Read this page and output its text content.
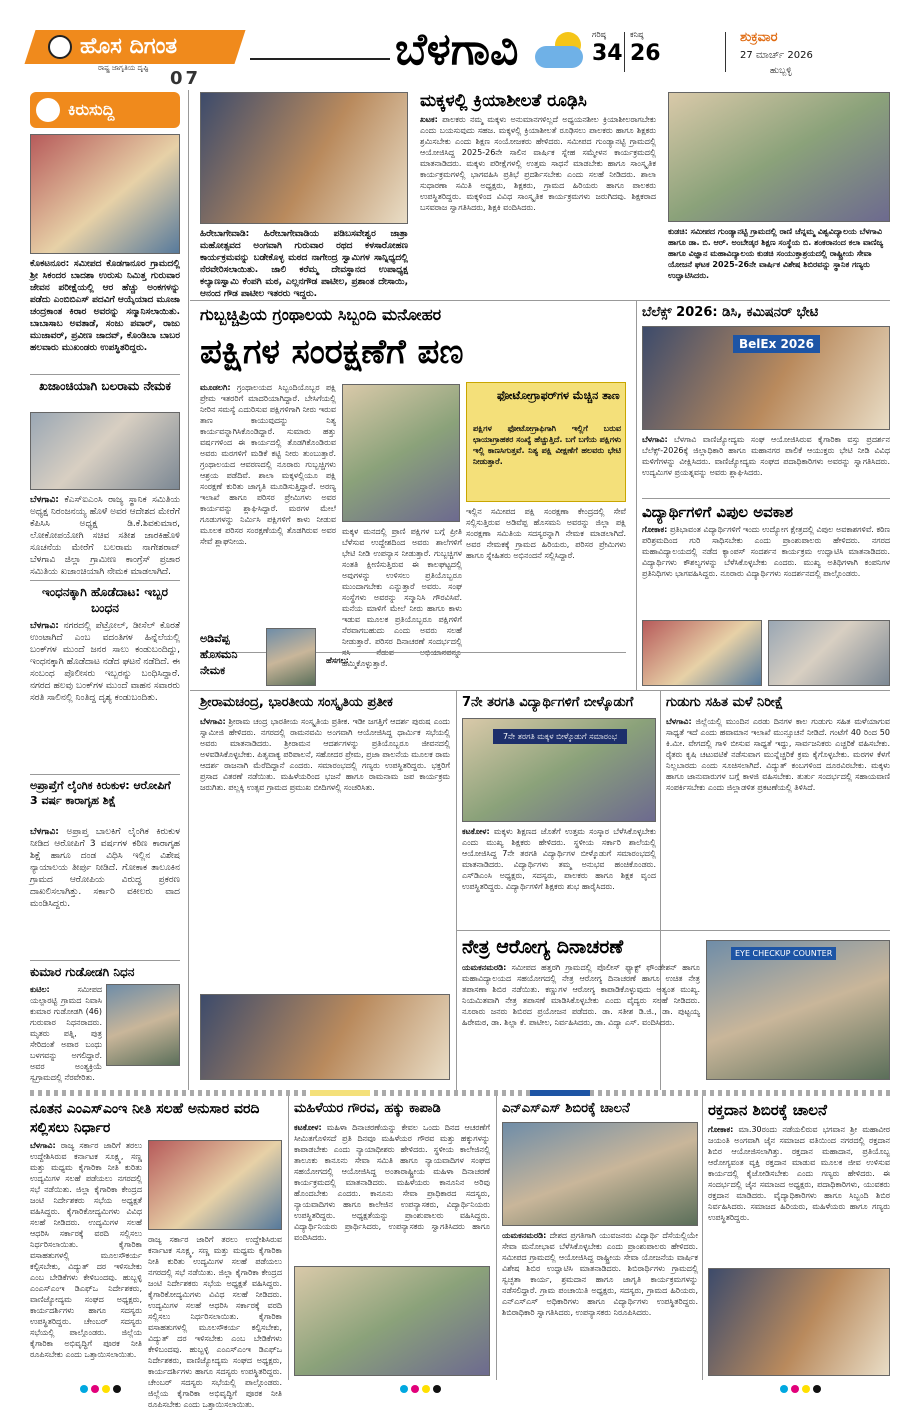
ಹೊಸ ದಿಗಂತ
ರಾಷ್ಟ್ರ ಜಾಗೃತಿಯ ದೃಷ್ಟಿ 07
ಬೆಳಗಾವಿ	ಗರಿಷ್ಠ
34
ಕನಿಷ್ಠ
26
ಶುಕ್ರವಾರ
27 ಮಾರ್ಚ್ 2026
ಹುಬ್ಬಳ್ಳಿ
ಕಿರುಸುದ್ದಿ
ಕೊಕಟನೂರ: ಸಮೀಪದ ಕೊಡಗಾನೂರ ಗ್ರಾಮದಲ್ಲಿ ಶ್ರೀ ಸಿಕಂದರ ಬಾದಶಾ ಉರುಸು ನಿಮಿತ್ತ ಗುರುವಾರ ಜೇವನ ಪರೀಕ್ಷೆಯಲ್ಲಿ ಆರ ಹೆಚ್ಚು ಅಂಕಗಳನ್ನು ಪಡೆದು ಎಂಬಿಬಿಎಸ್ ಪದವಿಗೆ ಆಯ್ಕೆಯಾದ ಮೂಜಾ ಚಂದ್ರಕಾಂತ ಕಿರಾರ ಅವರನ್ನು ಸನ್ಮಾನಿಸಲಾಯಿತು. ಬಾಬಾಸಾಬ ಅವತಾಡೆ, ಸಂಜು ಪವಾರ್, ರಾಜು ಮುಜಾವರ್, ಪ್ರವೀಣ ಜಾದವ್, ಕೊಂಡಿಬಾ ಬಾಬರ ಹಲವಾರು ಮುಖಂಡರು ಉಪಸ್ಥಿತರಿದ್ದರು.
ಖಜಾಂಚಿಯಾಗಿ ಬಲರಾಮ ನೇಮಕ
ಬೆಳಗಾವಿ: ಕೆಎಸ್‌ಐಎಂಸಿ ರಾಜ್ಯ ಸ್ಥಾನಿಕ ಸಮಿತಿಯ ಅಧ್ಯಕ್ಷ ನಿರಂಜನಯ್ಯ ಹೊಳೆ ಅವರ ಆದೇಶದ ಮೇರೆಗೆ ಕೆಪಿಸಿಸಿ ಅಧ್ಯಕ್ಷ ಡಿ.ಕೆ.ಶಿವಕುಮಾರ, ಲೋಕೋಪಯೋಗಿ ಸಚಿವ ಸತೀಶ ಜಾರಕಿಹೊಳಿ ಸೂಚನೆಯ ಮೇರೆಗೆ ಬಲರಾಮ ನಾಗೇಶರಾವ್ ಬೆಳಗಾವಿ ಜಿಲ್ಲಾ ಗ್ರಾಮೀಣ ಕಾಂಗ್ರೆಸ್ ಪ್ರಚಾರ ಸಮಿತಿಯ ಖಜಾಂಚಿಯಾಗಿ ನೇಮಕ ಮಾಡಲಾಗಿದೆ.
ಇಂಧನಕ್ಕಾಗಿ ಹೊಡೆದಾಟ: ಇಬ್ಬರ ಬಂಧನ
ಬೆಳಗಾವಿ: ನಗರದಲ್ಲಿ ಪೆಟ್ರೋಲ್, ಡೀಸೆಲ್ ಕೊರತೆ ಉಂಟಾಗಿದೆ ಎಂಬ ವದಂತಿಗಳ ಹಿನ್ನೆಲೆಯಲ್ಲಿ ಬಂಕ್‌ಗಳ ಮುಂದೆ ಜನರ ಸಾಲು ಕಂಡುಬಂದಿದ್ದು, ಇಂಧನಕ್ಕಾಗಿ ಹೊಡೆದಾಟ ನಡೆದ ಘಟನೆ ನಡೆದಿದೆ. ಈ ಸಂಬಂಧ ಪೊಲೀಸರು ಇಬ್ಬರನ್ನು ಬಂಧಿಸಿದ್ದಾರೆ. ನಗರದ ಹಲವು ಬಂಕ್‌ಗಳ ಮುಂದೆ ವಾಹನ ಸವಾರರು ಸರತಿ ಸಾಲಿನಲ್ಲಿ ನಿಂತಿದ್ದ ದೃಶ್ಯ ಕಂಡುಬಂದಿತು.
ಅಪ್ರಾಪ್ತೆಗೆ ಲೈಂಗಿಕ ಕಿರುಕುಳ: ಆರೋಪಿಗೆ 3 ವರ್ಷ ಕಾರಾಗೃಹ ಶಿಕ್ಷೆ
ಬೆಳಗಾವಿ: ಅಪ್ರಾಪ್ತ ಬಾಲಕಿಗೆ ಲೈಂಗಿಕ ಕಿರುಕುಳ ನೀಡಿದ ಆರೋಪಿಗೆ 3 ವರ್ಷಗಳ ಕಠಿಣ ಕಾರಾಗೃಹ ಶಿಕ್ಷೆ ಹಾಗೂ ದಂಡ ವಿಧಿಸಿ ಇಲ್ಲಿನ ವಿಶೇಷ ನ್ಯಾಯಾಲಯ ತೀರ್ಪು ನೀಡಿದೆ. ಗೋಕಾಕ ತಾಲೂಕಿನ ಗ್ರಾಮದ ಆರೋಪಿಯ ವಿರುದ್ಧ ಪ್ರಕರಣ ದಾಖಲಿಸಲಾಗಿತ್ತು. ಸರ್ಕಾರಿ ವಕೀಲರು ವಾದ ಮಂಡಿಸಿದ್ದರು.
ಕುಮಾರ ಗುಡೋಡಗಿ ನಿಧನ
ಕುಟಿಲ:	ಸಮೀಪದ ಯಲ್ಪಾರಟ್ಟಿ ಗ್ರಾಮದ ನಿವಾಸಿ ಕುಮಾರ ಗುಡೋಡಗಿ (46) ಗುರುವಾರ ನಿಧನರಾದರು. ಮೃತರು ಪತ್ನಿ, ಪುತ್ರ ಸೇರಿದಂತೆ ಅಪಾರ ಬಂಧು ಬಳಗವನ್ನು ಅಗಲಿದ್ದಾರೆ. ಅವರ ಅಂತ್ಯಕ್ರಿಯೆ ಸ್ವಗ್ರಾಮದಲ್ಲಿ ನೆರವೇರಿತು.
ಹಿರೇಬಾಗೇವಾಡಿ: ಹಿರೇಬಾಗೇವಾಡಿಯ ಪಡಿಬಸವೇಶ್ವರ ಜಾತ್ರಾ ಮಹೋತ್ಸವದ ಅಂಗವಾಗಿ ಗುರುವಾರ ರಥದ ಕಳಸಾರೋಹಣ ಕಾರ್ಯಕ್ರಮವನ್ನು ಬಡೇಕೊಳ್ಳ ಮಠದ ನಾಗೇಂದ್ರ ಸ್ವಾಮಿಗಳ ಸಾನ್ನಿಧ್ಯದಲ್ಲಿ ನೆರವೇರಿಸಲಾಯಿತು. ಜಾಲಿ ಕರೆಮ್ಮ ದೇವಸ್ಥಾನದ ಉಪಾಧ್ಯಕ್ಷ ಕಲ್ಯಾಣಸ್ವಾಮಿ ಕೆಂಪಗಿ ಮಠ, ಎಲ್ಲನಗೌಡ ಪಾಟೀಲ, ಪ್ರಶಾಂತ ದೇಸಾಯಿ, ಆನಂದ ಗೌಡ ಪಾಟೀಲ ಇತರರು ಇದ್ದರು.
ಮಕ್ಕಳಲ್ಲಿ ಕ್ರಿಯಾಶೀಲತೆ ರೂಢಿಸಿ
ಖಟಕ: ಪಾಲಕರು ನಮ್ಮ ಮಕ್ಕಳು ಅನುಮಾನಗಳಿಲ್ಲದೆ ಅಧ್ಯಯನಶೀಲ ಕ್ರಿಯಾಶೀಲರಾಗಬೇಕು ಎಂದು ಬಯಸುವುದು ಸಹಜ. ಮಕ್ಕಳಲ್ಲಿ ಕ್ರಿಯಾಶೀಲತೆ ರೂಢಿಸಲು ಪಾಲಕರು ಹಾಗೂ ಶಿಕ್ಷಕರು ಶ್ರಮಿಸಬೇಕು ಎಂದು ಶಿಕ್ಷಣ ಸಂಯೋಜಕರು ಹೇಳಿದರು. ಸಮೀಪದ ಗುಂಡ್ಯಾನಟ್ಟಿ ಗ್ರಾಮದಲ್ಲಿ ಆಯೋಜಿಸಿದ್ದ 2025-26ನೇ ಸಾಲಿನ ವಾರ್ಷಿಕ ಸ್ನೇಹ ಸಮ್ಮೇಳನ ಕಾರ್ಯಕ್ರಮದಲ್ಲಿ ಮಾತನಾಡಿದರು. ಮಕ್ಕಳು ಪರೀಕ್ಷೆಗಳಲ್ಲಿ ಉತ್ತಮ ಸಾಧನೆ ಮಾಡಬೇಕು ಹಾಗೂ ಸಾಂಸ್ಕೃತಿಕ ಕಾರ್ಯಕ್ರಮಗಳಲ್ಲಿ ಭಾಗವಹಿಸಿ ಪ್ರತಿಭೆ ಪ್ರದರ್ಶಿಸಬೇಕು ಎಂದು ಸಲಹೆ ನೀಡಿದರು. ಶಾಲಾ ಸುಧಾರಣಾ ಸಮಿತಿ ಅಧ್ಯಕ್ಷರು, ಶಿಕ್ಷಕರು, ಗ್ರಾಮದ ಹಿರಿಯರು ಹಾಗೂ ಪಾಲಕರು ಉಪಸ್ಥಿತರಿದ್ದರು. ಮಕ್ಕಳಿಂದ ವಿವಿಧ ಸಾಂಸ್ಕೃತಿಕ ಕಾರ್ಯಕ್ರಮಗಳು ಜರುಗಿದವು. ಶಿಕ್ಷಕರಾದ ಬಸವರಾಜ ಸ್ವಾಗತಿಸಿದರು, ಶಿಕ್ಷಕಿ ವಂದಿಸಿದರು.
ಕುಡಚಿ: ಸಮೀಪದ ಗುಂಡ್ಯಾನಟ್ಟಿ ಗ್ರಾಮದಲ್ಲಿ ರಾಣಿ ಚೆನ್ನಮ್ಮ ವಿಶ್ವವಿದ್ಯಾಲಯ ಬೆಳಗಾವಿ ಹಾಗೂ ಡಾ. ಬಿ. ಆರ್. ಅಂಬೇಡ್ಕರ ಶಿಕ್ಷಣ ಸಂಸ್ಥೆಯ ಬಿ. ಶಂಕರಾನಂದ ಕಲಾ ವಾಣಿಜ್ಯ ಹಾಗೂ ವಿಜ್ಞಾನ ಮಹಾವಿದ್ಯಾಲಯ ಕುಡಚಿ ಸಂಯುಕ್ತಾಶ್ರಯದಲ್ಲಿ ರಾಷ್ಟ್ರೀಯ ಸೇವಾ ಯೋಜನೆ ಘಟಕ 2025-26ನೇ ವಾರ್ಷಿಕ ವಿಶೇಷ ಶಿಬಿರವನ್ನು ಸ್ಥಾನಿಕ ಗಣ್ಯರು ಉದ್ಘಾಟಿಸಿದರು.
ಗುಬ್ಬಚ್ಚಿಪ್ರಿಯ ಗ್ರಂಥಾಲಯ ಸಿಬ್ಬಂದಿ ಮನೋಹರ
ಪಕ್ಷಿಗಳ ಸಂರಕ್ಷಣೆಗೆ ಪಣ
ಮೂಡಲಗಿ: ಗ್ರಂಥಾಲಯದ ಸಿಬ್ಬಂದಿಯೊಬ್ಬರ ಪಕ್ಷಿ ಪ್ರೇಮ ಇತರರಿಗೆ ಮಾದರಿಯಾಗಿದ್ದಾರೆ. ಬೇಸಿಗೆಯಲ್ಲಿ ನೀರಿನ ಸಮಸ್ಯೆ ಎದುರಿಸುವ ಪಕ್ಷಿಗಳಿಗಾಗಿ ನೀರು ಇರುವ ತಾಣ ಕಾಯುವುದನ್ನು ನಿತ್ಯ ಕಾರ್ಯವನ್ನಾಗಿಸಿಕೊಂಡಿದ್ದಾರೆ. ಸುಮಾರು ಹತ್ತು ವರ್ಷಗಳಿಂದ ಈ ಕಾರ್ಯದಲ್ಲಿ ತೊಡಗಿಕೊಂಡಿರುವ ಅವರು ಮರಗಳಿಗೆ ಮಡಿಕೆ ಕಟ್ಟಿ ನೀರು ತುಂಬುತ್ತಾರೆ. ಗ್ರಂಥಾಲಯದ ಆವರಣದಲ್ಲಿ ನೂರಾರು ಗುಬ್ಬಚ್ಚಿಗಳು ಆಶ್ರಯ ಪಡೆದಿವೆ. ಶಾಲಾ ಮಕ್ಕಳಲ್ಲಿಯೂ ಪಕ್ಷಿ ಸಂರಕ್ಷಣೆ ಕುರಿತು ಜಾಗೃತಿ ಮೂಡಿಸುತ್ತಿದ್ದಾರೆ. ಅರಣ್ಯ ಇಲಾಖೆ ಹಾಗೂ ಪರಿಸರ ಪ್ರೇಮಿಗಳು ಅವರ ಕಾರ್ಯವನ್ನು ಶ್ಲಾಘಿಸಿದ್ದಾರೆ. ಮರಗಳ ಮೇಲೆ ಗೂಡುಗಳನ್ನು ನಿರ್ಮಿಸಿ ಪಕ್ಷಿಗಳಿಗೆ ಕಾಳು ನೀಡುವ ಮೂಲಕ ಪರಿಸರ ಸಂರಕ್ಷಣೆಯಲ್ಲಿ ತೊಡಗಿರುವ ಅವರ ಸೇವೆ ಶ್ಲಾಘನೀಯ.
ಮಕ್ಕಳ ಮನದಲ್ಲಿ ಪ್ರಾಣಿ ಪಕ್ಷಿಗಳ ಬಗ್ಗೆ ಪ್ರೀತಿ ಬೆಳೆಸುವ ಉದ್ದೇಶದಿಂದ ಅವರು ಶಾಲೆಗಳಿಗೆ ಭೇಟಿ ನೀಡಿ ಉಪನ್ಯಾಸ ನೀಡುತ್ತಾರೆ. ಗುಬ್ಬಚ್ಚಿಗಳ ಸಂತತಿ ಕ್ಷೀಣಿಸುತ್ತಿರುವ ಈ ಕಾಲಘಟ್ಟದಲ್ಲಿ ಅವುಗಳನ್ನು ಉಳಿಸಲು ಪ್ರತಿಯೊಬ್ಬರೂ ಮುಂದಾಗಬೇಕು ಎನ್ನುತ್ತಾರೆ ಅವರು. ಸಂಘ ಸಂಸ್ಥೆಗಳು ಅವರನ್ನು ಸನ್ಮಾನಿಸಿ ಗೌರವಿಸಿವೆ. ಮನೆಯ ಮಾಳಿಗೆ ಮೇಲೆ ನೀರು ಹಾಗೂ ಕಾಳು ಇಡುವ ಮೂಲಕ ಪ್ರತಿಯೊಬ್ಬರೂ ಪಕ್ಷಿಗಳಿಗೆ ನೆರವಾಗಬಹುದು ಎಂದು ಅವರು ಸಲಹೆ ನೀಡುತ್ತಾರೆ. ಪರಿಸರ ದಿನಾಚರಣೆ ಸಂದರ್ಭದಲ್ಲಿ ಹಮ್ಮಿಕೊಳ್ಳುತ್ತಾರೆ.
ಫೋಟೋಗ್ರಾಫರ್‌ಗಳ ಮೆಚ್ಚಿನ ತಾಣ
ಪಕ್ಷಿಗಳ ಫೋಟೋಗ್ರಾಫಿಗಾಗಿ ಇಲ್ಲಿಗೆ ಬರುವ ಛಾಯಾಗ್ರಾಹಕರ ಸಂಖ್ಯೆ ಹೆಚ್ಚುತ್ತಿದೆ. ಬಗೆ ಬಗೆಯ ಪಕ್ಷಿಗಳು ಇಲ್ಲಿ ಕಾಣಸಿಗುತ್ತವೆ. ನಿತ್ಯ ಪಕ್ಷಿ ವೀಕ್ಷಣೆಗೆ ಹಲವರು ಭೇಟಿ ನೀಡುತ್ತಾರೆ.
ಇಲ್ಲಿನ ಸಮೀಪದ ಪಕ್ಷಿ ಸಂರಕ್ಷಣಾ ಕೇಂದ್ರದಲ್ಲಿ ಸೇವೆ ಸಲ್ಲಿಸುತ್ತಿರುವ ಅಡಿವೆಪ್ಪ ಹೊಸಮನಿ ಅವರನ್ನು ಜಿಲ್ಲಾ ಪಕ್ಷಿ ಸಂರಕ್ಷಣಾ ಸಮಿತಿಯ ಸದಸ್ಯರನ್ನಾಗಿ ನೇಮಕ ಮಾಡಲಾಗಿದೆ. ಅವರ ನೇಮಕಕ್ಕೆ ಗ್ರಾಮದ ಹಿರಿಯರು, ಪರಿಸರ ಪ್ರೇಮಿಗಳು ಹಾಗೂ ಸ್ನೇಹಿತರು ಅಭಿನಂದನೆ ಸಲ್ಲಿಸಿದ್ದಾರೆ.
ಅಡಿವೆಪ್ಪ
ಹೊಸಮನಿ
ನೇಮಕ
ಹೆಸಗಲ:
ಬೆಲೆಕ್ಸ್ 2026: ಡಿಸಿ, ಕಮಿಷನರ್ ಭೇಟಿ
BelEx 2026
ಬೆಳಗಾವಿ: ಬೆಳಗಾವಿ ವಾಣಿಜ್ಯೋದ್ಯಮ ಸಂಘ ಆಯೋಜಿಸಿರುವ ಕೈಗಾರಿಕಾ ವಸ್ತು ಪ್ರದರ್ಶನ ಬೆಲೆಕ್ಸ್-2026ಕ್ಕೆ ಜಿಲ್ಲಾಧಿಕಾರಿ ಹಾಗೂ ಮಹಾನಗರ ಪಾಲಿಕೆ ಆಯುಕ್ತರು ಭೇಟಿ ನೀಡಿ ವಿವಿಧ ಮಳಿಗೆಗಳನ್ನು ವೀಕ್ಷಿಸಿದರು. ವಾಣಿಜ್ಯೋದ್ಯಮ ಸಂಘದ ಪದಾಧಿಕಾರಿಗಳು ಅವರನ್ನು ಸ್ವಾಗತಿಸಿದರು. ಉದ್ಯಮಿಗಳ ಪ್ರಯತ್ನವನ್ನು ಅವರು ಶ್ಲಾಘಿಸಿದರು.
ವಿದ್ಯಾರ್ಥಿಗಳಿಗೆ ವಿಪುಲ ಅವಕಾಶ
ಗೋಕಾಕ: ಪ್ರತಿಭಾವಂತ ವಿದ್ಯಾರ್ಥಿಗಳಿಗೆ ಇಂದು ಉದ್ಯೋಗ ಕ್ಷೇತ್ರದಲ್ಲಿ ವಿಪುಲ ಅವಕಾಶಗಳಿವೆ. ಕಠಿಣ ಪರಿಶ್ರಮದಿಂದ ಗುರಿ ಸಾಧಿಸಬೇಕು ಎಂದು ಪ್ರಾಂಶುಪಾಲರು ಹೇಳಿದರು. ನಗರದ ಮಹಾವಿದ್ಯಾಲಯದಲ್ಲಿ ನಡೆದ ಕ್ಯಾಂಪಸ್ ಸಂದರ್ಶನ ಕಾರ್ಯಕ್ರಮ ಉದ್ಘಾಟಿಸಿ ಮಾತನಾಡಿದರು. ವಿದ್ಯಾರ್ಥಿಗಳು ಕೌಶಲ್ಯಗಳನ್ನು ಬೆಳೆಸಿಕೊಳ್ಳಬೇಕು ಎಂದರು. ಮುಖ್ಯ ಅತಿಥಿಗಳಾಗಿ ಕಂಪನಿಗಳ ಪ್ರತಿನಿಧಿಗಳು ಭಾಗವಹಿಸಿದ್ದರು. ನೂರಾರು ವಿದ್ಯಾರ್ಥಿಗಳು ಸಂದರ್ಶನದಲ್ಲಿ ಪಾಲ್ಗೊಂಡರು.
ಶ್ರೀರಾಮಚಂದ್ರ, ಭಾರತೀಯ ಸಂಸ್ಕೃತಿಯ ಪ್ರತೀಕ
ಬೆಳಗಾವಿ: ಶ್ರೀರಾಮ ಚಂದ್ರ ಭಾರತೀಯ ಸಂಸ್ಕೃತಿಯ ಪ್ರತೀಕ. ಇಡೀ ಜಗತ್ತಿಗೆ ಆದರ್ಶ ಪುರುಷ ಎಂದು ಸ್ವಾಮೀಜಿ ಹೇಳಿದರು. ನಗರದಲ್ಲಿ ರಾಮನವಮಿ ಅಂಗವಾಗಿ ಆಯೋಜಿಸಿದ್ದ ಧಾರ್ಮಿಕ ಸಭೆಯಲ್ಲಿ ಅವರು ಮಾತನಾಡಿದರು. ಶ್ರೀರಾಮನ ಆದರ್ಶಗಳನ್ನು ಪ್ರತಿಯೊಬ್ಬರೂ ಜೀವನದಲ್ಲಿ ಅಳವಡಿಸಿಕೊಳ್ಳಬೇಕು. ಪಿತೃವಾಕ್ಯ ಪರಿಪಾಲನೆ, ಸಹೋದರ ಪ್ರೇಮ, ಪ್ರಜಾ ಪಾಲನೆಯ ಮೂಲಕ ರಾಮ ಆದರ್ಶ ರಾಜನಾಗಿ ಮೆರೆದಿದ್ದಾನೆ ಎಂದರು. ಸಮಾರಂಭದಲ್ಲಿ ಗಣ್ಯರು ಉಪಸ್ಥಿತರಿದ್ದರು. ಭಕ್ತರಿಗೆ ಪ್ರಸಾದ ವಿತರಣೆ ನಡೆಯಿತು. ಮಹಿಳೆಯರಿಂದ ಭಜನೆ ಹಾಗೂ ರಾಮನಾಮ ಜಪ ಕಾರ್ಯಕ್ರಮ ಜರುಗಿತು. ಪಲ್ಲಕ್ಕಿ ಉತ್ಸವ ಗ್ರಾಮದ ಪ್ರಮುಖ ಬೀದಿಗಳಲ್ಲಿ ಸಂಚರಿಸಿತು.
7ನೇ ತರಗತಿ ವಿದ್ಯಾರ್ಥಿಗಳಿಗೆ ಬೀಳ್ಕೊಡುಗೆ
7ನೇ ತರಗತಿ ಮಕ್ಕಳ ಬೀಳ್ಕೊಡುಗೆ ಸಮಾರಂಭ
ಕಟಕೋಳ: ಮಕ್ಕಳು ಶಿಕ್ಷಣದ ಜೊತೆಗೆ ಉತ್ತಮ ಸಂಸ್ಕಾರ ಬೆಳೆಸಿಕೊಳ್ಳಬೇಕು ಎಂದು ಮುಖ್ಯ ಶಿಕ್ಷಕರು ಹೇಳಿದರು. ಸ್ಥಳೀಯ ಸರ್ಕಾರಿ ಶಾಲೆಯಲ್ಲಿ ಆಯೋಜಿಸಿದ್ದ 7ನೇ ತರಗತಿ ವಿದ್ಯಾರ್ಥಿಗಳ ಬೀಳ್ಕೊಡುಗೆ ಸಮಾರಂಭದಲ್ಲಿ ಮಾತನಾಡಿದರು. ವಿದ್ಯಾರ್ಥಿಗಳು ತಮ್ಮ ಅನುಭವ ಹಂಚಿಕೊಂಡರು. ಎಸ್‌ಡಿಎಂಸಿ ಅಧ್ಯಕ್ಷರು, ಸದಸ್ಯರು, ಪಾಲಕರು ಹಾಗೂ ಶಿಕ್ಷಕ ವೃಂದ ಉಪಸ್ಥಿತರಿದ್ದರು. ವಿದ್ಯಾರ್ಥಿಗಳಿಗೆ ಶಿಕ್ಷಕರು ಶುಭ ಹಾರೈಸಿದರು.
ಗುಡುಗು ಸಹಿತ ಮಳೆ ನಿರೀಕ್ಷೆ
ಬೆಳಗಾವಿ: ಜಿಲ್ಲೆಯಲ್ಲಿ ಮುಂದಿನ ಎರಡು ದಿನಗಳ ಕಾಲ ಗುಡುಗು ಸಹಿತ ಮಳೆಯಾಗುವ ಸಾಧ್ಯತೆ ಇದೆ ಎಂದು ಹವಾಮಾನ ಇಲಾಖೆ ಮುನ್ಸೂಚನೆ ನೀಡಿದೆ. ಗಂಟೆಗೆ 40 ರಿಂದ 50 ಕಿ.ಮೀ. ವೇಗದಲ್ಲಿ ಗಾಳಿ ಬೀಸುವ ಸಾಧ್ಯತೆ ಇದ್ದು, ಸಾರ್ವಜನಿಕರು ಎಚ್ಚರಿಕೆ ವಹಿಸಬೇಕು. ರೈತರು ಕೃಷಿ ಚಟುವಟಿಕೆ ನಡೆಸುವಾಗ ಮುನ್ನೆಚ್ಚರಿಕೆ ಕ್ರಮ ಕೈಗೊಳ್ಳಬೇಕು. ಮರಗಳ ಕೆಳಗೆ ನಿಲ್ಲಬಾರದು ಎಂದು ಸೂಚಿಸಲಾಗಿದೆ. ವಿದ್ಯುತ್ ಕಂಬಗಳಿಂದ ದೂರವಿರಬೇಕು. ಮಕ್ಕಳು ಹಾಗೂ ಜಾನುವಾರುಗಳ ಬಗ್ಗೆ ಕಾಳಜಿ ವಹಿಸಬೇಕು. ತುರ್ತು ಸಂದರ್ಭದಲ್ಲಿ ಸಹಾಯವಾಣಿ ಸಂಪರ್ಕಿಸಬೇಕು ಎಂದು ಜಿಲ್ಲಾಡಳಿತ ಪ್ರಕಟಣೆಯಲ್ಲಿ ತಿಳಿಸಿದೆ.
ನೇತ್ರ ಆರೋಗ್ಯ ದಿನಾಚರಣೆ
ಯಮಕನಮರಡಿ: ಸಮೀಪದ ಹತ್ತರಗಿ ಗ್ರಾಮದಲ್ಲಿ ಪೊಲೀಸ್ ಫ್ಯಾಕ್ಟ್ ಫೌಂಡೇಶನ್ ಹಾಗೂ ಮಹಾವಿದ್ಯಾಲಯದ ಸಹಯೋಗದಲ್ಲಿ ನೇತ್ರ ಆರೋಗ್ಯ ದಿನಾಚರಣೆ ಹಾಗೂ ಉಚಿತ ನೇತ್ರ ತಪಾಸಣಾ ಶಿಬಿರ ನಡೆಯಿತು. ಕಣ್ಣುಗಳ ಆರೋಗ್ಯ ಕಾಪಾಡಿಕೊಳ್ಳುವುದು ಅತ್ಯಂತ ಮುಖ್ಯ. ನಿಯಮಿತವಾಗಿ ನೇತ್ರ ತಪಾಸಣೆ ಮಾಡಿಸಿಕೊಳ್ಳಬೇಕು ಎಂದು ವೈದ್ಯರು ಸಲಹೆ ನೀಡಿದರು. ನೂರಾರು ಜನರು ಶಿಬಿರದ ಪ್ರಯೋಜನ ಪಡೆದರು. ಡಾ. ಸತೀಶ ಡಿ.ಜಿ., ಡಾ. ಪುಟ್ಟಯ್ಯ ಹಿರೇಮಠ, ಡಾ. ಶಿಲ್ಪಾ ಕೆ. ಪಾಟೀಲ, ನಿರ್ವಹಿಸಿದರು, ಡಾ. ವಿದ್ಯಾ ಎಸ್. ವಂದಿಸಿದರು.
EYE CHECKUP COUNTER
ನೂತನ ಎಂಎಸ್ಎಂಇ ನೀತಿ ಸಲಹೆ ಅನುಸಾರ ವರದಿ ಸಲ್ಲಿಸಲು ನಿರ್ಧಾರ
ಬೆಳಗಾವಿ: ರಾಜ್ಯ ಸರ್ಕಾರ ಜಾರಿಗೆ ತರಲು ಉದ್ದೇಶಿಸಿರುವ ಕರ್ನಾಟಕ ಸೂಕ್ಷ್ಮ, ಸಣ್ಣ ಮತ್ತು ಮಧ್ಯಮ ಕೈಗಾರಿಕಾ ನೀತಿ ಕುರಿತು ಉದ್ಯಮಿಗಳ ಸಲಹೆ ಪಡೆಯಲು ನಗರದಲ್ಲಿ ಸಭೆ ನಡೆಯಿತು. ಜಿಲ್ಲಾ ಕೈಗಾರಿಕಾ ಕೇಂದ್ರದ ಜಂಟಿ ನಿರ್ದೇಶಕರು ಸಭೆಯ ಅಧ್ಯಕ್ಷತೆ ವಹಿಸಿದ್ದರು. ಕೈಗಾರಿಕೋದ್ಯಮಿಗಳು ವಿವಿಧ ಸಲಹೆ ನೀಡಿದರು. ಉದ್ಯಮಿಗಳ ಸಲಹೆ ಆಧರಿಸಿ ಸರ್ಕಾರಕ್ಕೆ ವರದಿ ಸಲ್ಲಿಸಲು ನಿರ್ಧರಿಸಲಾಯಿತು. ಕೈಗಾರಿಕಾ ವಸಾಹತುಗಳಲ್ಲಿ ಮೂಲಸೌಕರ್ಯ ಕಲ್ಪಿಸಬೇಕು, ವಿದ್ಯುತ್ ದರ ಇಳಿಸಬೇಕು ಎಂಬ ಬೇಡಿಕೆಗಳು ಕೇಳಿಬಂದವು. ಹುಬ್ಬಳ್ಳಿ ಎಂಎಸ್ಎಂಇ ಡಿಎಫ್‌ಒ ನಿರ್ದೇಶಕರು, ವಾಣಿಜ್ಯೋದ್ಯಮ ಸಂಘದ ಅಧ್ಯಕ್ಷರು, ಕಾರ್ಯದರ್ಶಿಗಳು ಹಾಗೂ ಸದಸ್ಯರು ಉಪಸ್ಥಿತರಿದ್ದರು. ಚೇಂಬರ್ ಸದಸ್ಯರು ಸಭೆಯಲ್ಲಿ ಪಾಲ್ಗೊಂಡರು. ಜಿಲ್ಲೆಯ ಕೈಗಾರಿಕಾ ಅಭಿವೃದ್ಧಿಗೆ ಪೂರಕ ನೀತಿ ರೂಪಿಸಬೇಕು ಎಂದು ಒತ್ತಾಯಿಸಲಾಯಿತು.
ರಾಜ್ಯ ಸರ್ಕಾರ ಜಾರಿಗೆ ತರಲು ಉದ್ದೇಶಿಸಿರುವ ಕರ್ನಾಟಕ ಸೂಕ್ಷ್ಮ, ಸಣ್ಣ ಮತ್ತು ಮಧ್ಯಮ ಕೈಗಾರಿಕಾ ನೀತಿ ಕುರಿತು ಉದ್ಯಮಿಗಳ ಸಲಹೆ ಪಡೆಯಲು ನಗರದಲ್ಲಿ ಸಭೆ ನಡೆಯಿತು. ಜಿಲ್ಲಾ ಕೈಗಾರಿಕಾ ಕೇಂದ್ರದ ಜಂಟಿ ನಿರ್ದೇಶಕರು ಸಭೆಯ ಅಧ್ಯಕ್ಷತೆ ವಹಿಸಿದ್ದರು. ಕೈಗಾರಿಕೋದ್ಯಮಿಗಳು ವಿವಿಧ ಸಲಹೆ ನೀಡಿದರು. ಉದ್ಯಮಿಗಳ ಸಲಹೆ ಆಧರಿಸಿ ಸರ್ಕಾರಕ್ಕೆ ವರದಿ ಸಲ್ಲಿಸಲು ನಿರ್ಧರಿಸಲಾಯಿತು. ಕೈಗಾರಿಕಾ ವಸಾಹತುಗಳಲ್ಲಿ ಮೂಲಸೌಕರ್ಯ ಕಲ್ಪಿಸಬೇಕು, ವಿದ್ಯುತ್ ದರ ಇಳಿಸಬೇಕು ಎಂಬ ಬೇಡಿಕೆಗಳು ಕೇಳಿಬಂದವು. ಹುಬ್ಬಳ್ಳಿ ಎಂಎಸ್ಎಂಇ ಡಿಎಫ್‌ಒ ನಿರ್ದೇಶಕರು, ವಾಣಿಜ್ಯೋದ್ಯಮ ಸಂಘದ ಅಧ್ಯಕ್ಷರು, ಕಾರ್ಯದರ್ಶಿಗಳು ಹಾಗೂ ಸದಸ್ಯರು ಉಪಸ್ಥಿತರಿದ್ದರು. ಚೇಂಬರ್ ಸದಸ್ಯರು ಸಭೆಯಲ್ಲಿ ಪಾಲ್ಗೊಂಡರು. ಜಿಲ್ಲೆಯ ಕೈಗಾರಿಕಾ ಅಭಿವೃದ್ಧಿಗೆ ಪೂರಕ ನೀತಿ ರೂಪಿಸಬೇಕು ಎಂದು ಒತ್ತಾಯಿಸಲಾಯಿತು.
ಮಹಿಳೆಯರ ಗೌರವ, ಹಕ್ಕು ಕಾಪಾಡಿ
ಕಟಕೋಳ: ಮಹಿಳಾ ದಿನಾಚರಣೆಯನ್ನು ಕೇವಲ ಒಂದು ದಿನದ ಆಚರಣೆಗೆ ಸೀಮಿತಗೊಳಿಸದೆ ಪ್ರತಿ ದಿನವೂ ಮಹಿಳೆಯರ ಗೌರವ ಮತ್ತು ಹಕ್ಕುಗಳನ್ನು ಕಾಪಾಡಬೇಕು ಎಂದು ನ್ಯಾಯಾಧೀಶರು ಹೇಳಿದರು. ಸ್ಥಳೀಯ ಕಾಲೇಜಿನಲ್ಲಿ ತಾಲೂಕು ಕಾನೂನು ಸೇವಾ ಸಮಿತಿ ಹಾಗೂ ನ್ಯಾಯವಾದಿಗಳ ಸಂಘದ ಸಹಯೋಗದಲ್ಲಿ ಆಯೋಜಿಸಿದ್ದ ಅಂತಾರಾಷ್ಟ್ರೀಯ ಮಹಿಳಾ ದಿನಾಚರಣೆ ಕಾರ್ಯಕ್ರಮದಲ್ಲಿ ಮಾತನಾಡಿದರು. ಮಹಿಳೆಯರು ಕಾನೂನಿನ ಅರಿವು ಹೊಂದಬೇಕು ಎಂದರು. ಕಾನೂನು ಸೇವಾ ಪ್ರಾಧಿಕಾರದ ಸದಸ್ಯರು, ನ್ಯಾಯವಾದಿಗಳು ಹಾಗೂ ಕಾಲೇಜಿನ ಉಪನ್ಯಾಸಕರು, ವಿದ್ಯಾರ್ಥಿನಿಯರು ಉಪಸ್ಥಿತರಿದ್ದರು. ಅಧ್ಯಕ್ಷತೆಯನ್ನು ಪ್ರಾಂಶುಪಾಲರು ವಹಿಸಿದ್ದರು. ವಿದ್ಯಾರ್ಥಿನಿಯರು ಪ್ರಾರ್ಥಿಸಿದರು, ಉಪನ್ಯಾಸಕರು ಸ್ವಾಗತಿಸಿದರು ಹಾಗೂ ವಂದಿಸಿದರು.
ಎನ್ಎಸ್ಎಸ್ ಶಿಬಿರಕ್ಕೆ ಚಾಲನೆ
ಯಮಕನಮರಡಿ: ದೇಶದ ಪ್ರಗತಿಗಾಗಿ ಯುವಜನರು ವಿದ್ಯಾರ್ಥಿ ದೆಸೆಯಲ್ಲಿಯೇ ಸೇವಾ ಮನೋಭಾವ ಬೆಳೆಸಿಕೊಳ್ಳಬೇಕು ಎಂದು ಪ್ರಾಂಶುಪಾಲರು ಹೇಳಿದರು. ಸಮೀಪದ ಗ್ರಾಮದಲ್ಲಿ ಆಯೋಜಿಸಿದ್ದ ರಾಷ್ಟ್ರೀಯ ಸೇವಾ ಯೋಜನೆಯ ವಾರ್ಷಿಕ ವಿಶೇಷ ಶಿಬಿರ ಉದ್ಘಾಟಿಸಿ ಮಾತನಾಡಿದರು. ಶಿಬಿರಾರ್ಥಿಗಳು ಗ್ರಾಮದಲ್ಲಿ ಸ್ವಚ್ಛತಾ ಕಾರ್ಯ, ಶ್ರಮದಾನ ಹಾಗೂ ಜಾಗೃತಿ ಕಾರ್ಯಕ್ರಮಗಳನ್ನು ನಡೆಸಲಿದ್ದಾರೆ. ಗ್ರಾಮ ಪಂಚಾಯಿತಿ ಅಧ್ಯಕ್ಷರು, ಸದಸ್ಯರು, ಗ್ರಾಮದ ಹಿರಿಯರು, ಎನ್ಎಸ್ಎಸ್ ಅಧಿಕಾರಿಗಳು ಹಾಗೂ ವಿದ್ಯಾರ್ಥಿಗಳು ಉಪಸ್ಥಿತರಿದ್ದರು. ಶಿಬಿರಾಧಿಕಾರಿ ಸ್ವಾಗತಿಸಿದರು, ಉಪನ್ಯಾಸಕರು ನಿರೂಪಿಸಿದರು.
ರಕ್ತದಾನ ಶಿಬಿರಕ್ಕೆ ಚಾಲನೆ
ಗೋಕಾಕ: ಮಾ.30ರಂದು ನಡೆಯಲಿರುವ ಭಗವಾನ ಶ್ರೀ ಮಹಾವೀರ ಜಯಂತಿ ಅಂಗವಾಗಿ ಜೈನ ಸಮಾಜದ ವತಿಯಿಂದ ನಗರದಲ್ಲಿ ರಕ್ತದಾನ ಶಿಬಿರ ಆಯೋಜಿಸಲಾಗಿತ್ತು. ರಕ್ತದಾನ ಮಹಾದಾನ, ಪ್ರತಿಯೊಬ್ಬ ಆರೋಗ್ಯವಂತ ವ್ಯಕ್ತಿ ರಕ್ತದಾನ ಮಾಡುವ ಮೂಲಕ ಜೀವ ಉಳಿಸುವ ಕಾರ್ಯದಲ್ಲಿ ಕೈಜೋಡಿಸಬೇಕು ಎಂದು ಗಣ್ಯರು ಹೇಳಿದರು. ಈ ಸಂದರ್ಭದಲ್ಲಿ ಜೈನ ಸಮಾಜದ ಅಧ್ಯಕ್ಷರು, ಪದಾಧಿಕಾರಿಗಳು, ಯುವಕರು ರಕ್ತದಾನ ಮಾಡಿದರು. ವೈದ್ಯಾಧಿಕಾರಿಗಳು ಹಾಗೂ ಸಿಬ್ಬಂದಿ ಶಿಬಿರ ನಿರ್ವಹಿಸಿದರು. ಸಮಾಜದ ಹಿರಿಯರು, ಮಹಿಳೆಯರು ಹಾಗೂ ಗಣ್ಯರು ಉಪಸ್ಥಿತರಿದ್ದರು.
